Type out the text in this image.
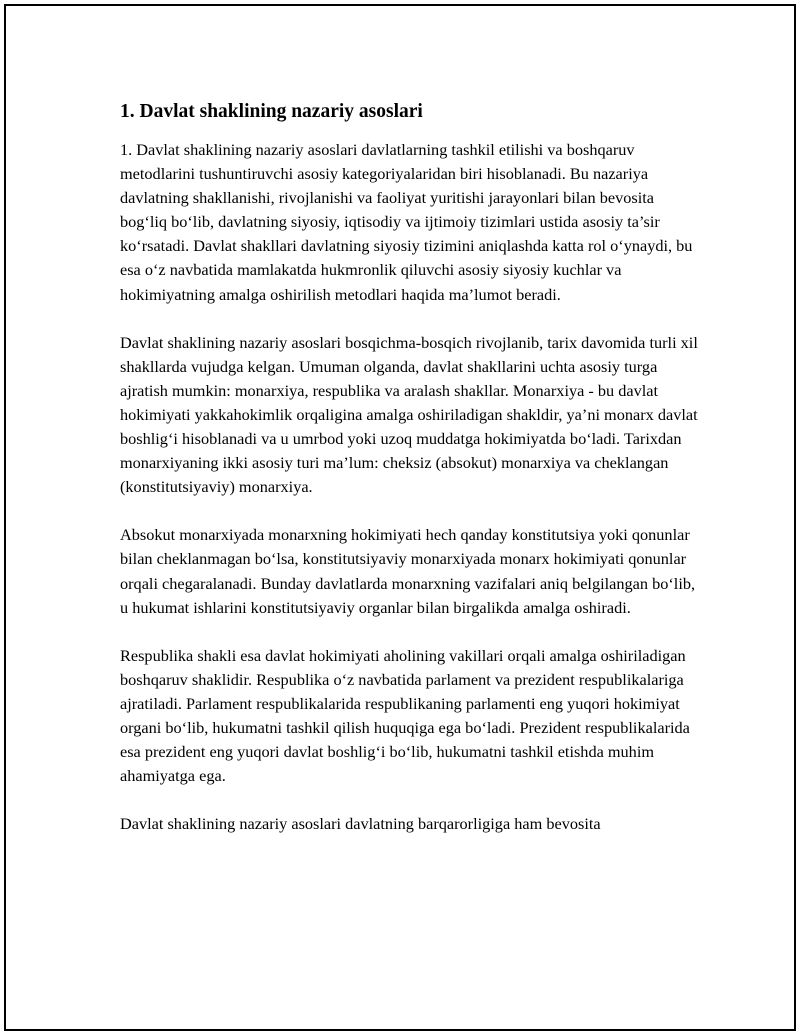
1. Davlat shaklining nazariy asoslari

1. Davlat shaklining nazariy asoslari davlatlarning tashkil etilishi va boshqaruv metodlarini tushuntiruvchi asosiy kategoriyalaridan biri hisoblanadi. Bu nazariya davlatning shakllanishi, rivojlanishi va faoliyat yuritishi jarayonlari bilan bevosita bog‘liq bo‘lib, davlatning siyosiy, iqtisodiy va ijtimoiy tizimlari ustida asosiy ta’sir ko‘rsatadi. Davlat shakllari davlatning siyosiy tizimini aniqlashda katta rol o‘ynaydi, bu esa o‘z navbatida mamlakatda hukmronlik qiluvchi asosiy siyosiy kuchlar va hokimiyatning amalga oshirilish metodlari haqida ma’lumot beradi.

Davlat shaklining nazariy asoslari bosqichma-bosqich rivojlanib, tarix davomida turli xil shakllarda vujudga kelgan. Umuman olganda, davlat shakllarini uchta asosiy turga ajratish mumkin: monarxiya, respublika va aralash shakllar. Monarxiya - bu davlat hokimiyati yakkahokimlik orqaligina amalga oshiriladigan shakldir, ya’ni monarx davlat boshlig‘i hisoblanadi va u umrbod yoki uzoq muddatga hokimiyatda bo‘ladi. Tarixdan monarxiyaning ikki asosiy turi ma’lum: cheksiz (absokut) monarxiya va cheklangan (konstitutsiyaviy) monarxiya.

Absokut monarxiyada monarxning hokimiyati hech qanday konstitutsiya yoki qonunlar bilan cheklanmagan bo‘lsa, konstitutsiyaviy monarxiyada monarx hokimiyati qonunlar orqali chegaralanadi. Bunday davlatlarda monarxning vazifalari aniq belgilangan bo‘lib, u hukumat ishlarini konstitutsiyaviy organlar bilan birgalikda amalga oshiradi.

Respublika shakli esa davlat hokimiyati aholining vakillari orqali amalga oshiriladigan boshqaruv shaklidir. Respublika o‘z navbatida parlament va prezident respublikalariga ajratiladi. Parlament respublikalarida respublikaning parlamenti eng yuqori hokimiyat organi bo‘lib, hukumatni tashkil qilish huquqiga ega bo‘ladi. Prezident respublikalarida esa prezident eng yuqori davlat boshlig‘i bo‘lib, hukumatni tashkil etishda muhim ahamiyatga ega.

Davlat shaklining nazariy asoslari davlatning barqarorligiga ham bevosita
